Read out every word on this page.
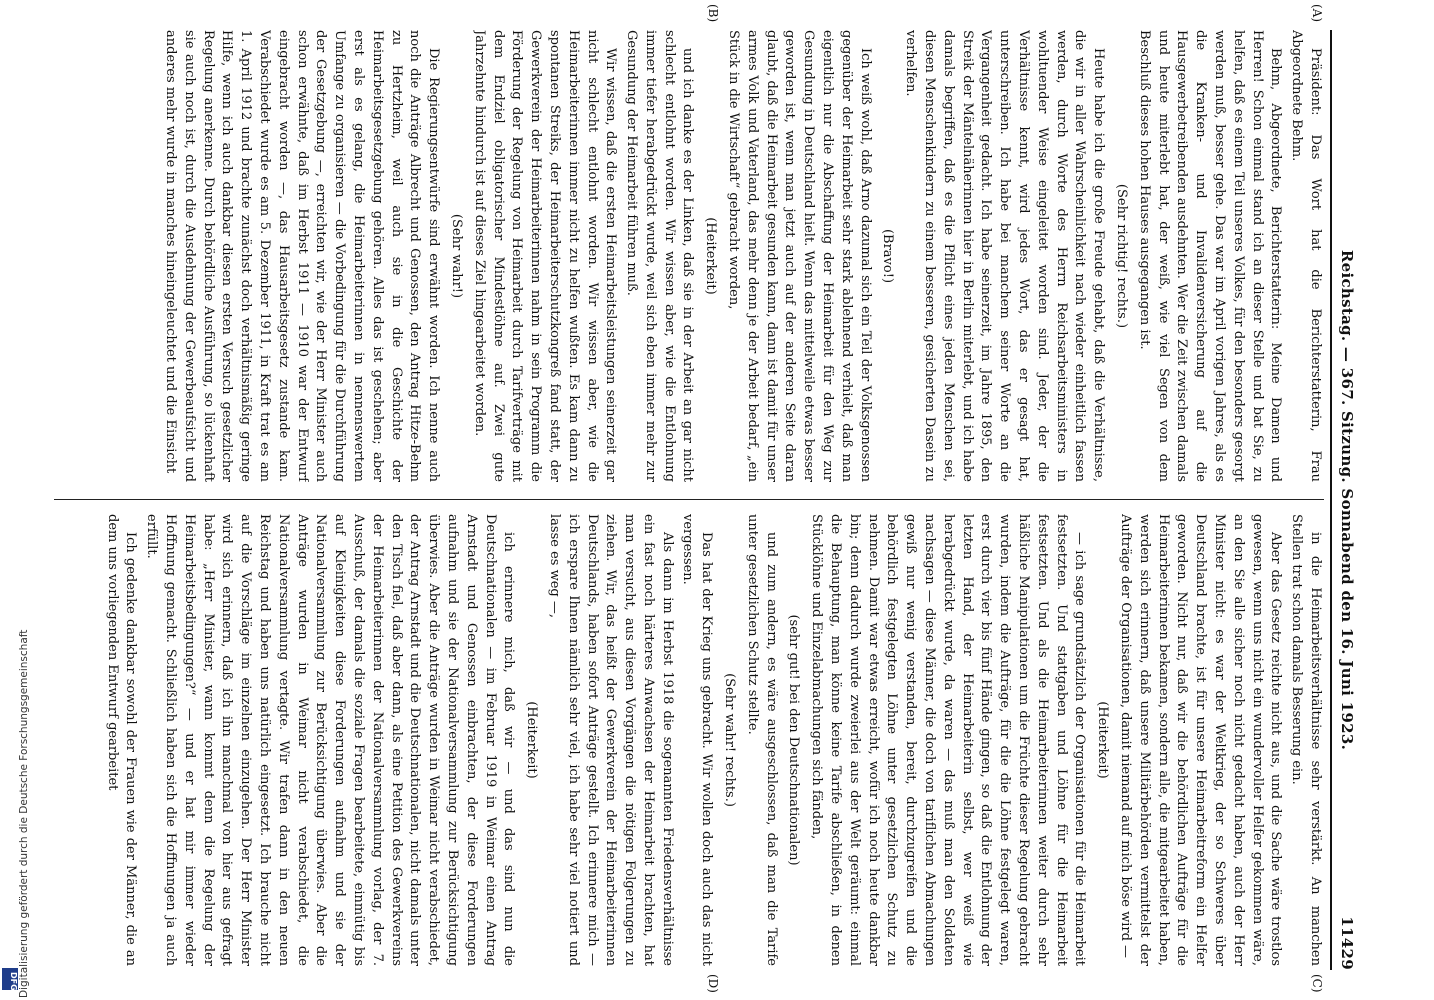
Reichstag. — 367. Sitzung. Sonnabend den 16. Juni 1923.
11429

Präsident: Das Wort hat die Berichterstatterin, Frau Abgeordnete Behm.

Behm, Abgeordnete, Berichterstatterin: Meine Damen und Herren! Schon einmal stand ich an dieser Stelle und bat Sie, zu helfen, daß es einem Teil unseres Volkes, für den besonders gesorgt werden muß, besser gehe. Das war im April vorigen Jahres, als es die Kranken- und Invalidenversicherung auf die Hausgewerbetreibenden ausdehnten. Wer die Zeit zwischen damals und heute miterlebt hat, der weiß, wie viel Segen von dem Beschluß dieses hohen Hauses ausgegangen ist.

(Sehr richtig! rechts.)

Heute habe ich die große Freude gehabt, daß die Verhältnisse, die wir in aller Wahrscheinlichkeit nach wieder einheitlich fassen werden, durch Worte des Herrn Reichsarbeitsministers in wohltuender Weise eingeleitet worden sind. Jeder, der die Verhältnisse kennt, wird jedes Wort, das er gesagt hat, unterschreiben. Ich habe bei manchem seiner Worte an die Vergangenheit gedacht. Ich habe seinerzeit, im Jahre 1895, den Streik der Mäntelnäherinnen hier in Berlin miterlebt, und ich habe damals begriffen, daß es die Pflicht eines jeden Menschen sei, diesen Menschenkindern zu einem besseren, gesicherten Dasein zu verhelfen.

(Bravo!)

Ich weiß wohl, daß Arno dazumal sich ein Teil der Volksgenossen gegenüber der Heimarbeit sehr stark ablehnend verhielt, daß man eigentlich nur die Abschaffung der Heimarbeit für den Weg zur Gesundung in Deutschland hielt. Wenn das mittelweile etwas besser geworden ist, wenn man jetzt auch auf der anderen Seite daran glaubt, daß die Heimarbeit gesunden kann, dann ist damit für unser armes Volk und Vaterland, das mehr denn je der Arbeit bedarf, „ein Stück in die Wirtschaft“ gebracht worden,

(Heiterkeit)

und ich danke es der Linken, daß sie in der Arbeit an gar nicht schlecht entlohnt worden. Wir wissen aber, wie die Entlohnung immer tiefer herabgedrückt wurde, weil sich eben immer mehr zur Gesundung der Heimarbeit führen muß.

Wir wissen, daß die ersten Heimarbeitsleistungen seinerzeit gar nicht schlecht entlohnt worden. Wir wissen aber, wie die Heimarbeiterinnen immer nicht zu helfen wußten. Es kam dann zu spontanen Streiks, der Heimarbeiterschutzkongreß fand statt, der Gewerkverein der Heimarbeiterinnen nahm in sein Programm die Förderung der Regelung von Heimarbeit durch Tarifverträge mit dem Endziel obligatorischer Mindestlöhne auf. Zwei gute Jahrzehnte hindurch ist auf dieses Ziel hingearbeitet worden.

(Sehr wahr!)

Die Regierungsentwürfe sind erwähnt worden. Ich nenne auch noch die Anträge Albrecht und Genossen, den Antrag Hitze-Behm zu Hertzheim, weil auch sie in die Geschichte der Heimarbeitsgesetzgebung gehören. Alles das ist geschehen; aber erst als es gelang, die Heimarbeiterinnen in nennenswertem Umfange zu organisieren — die Vorbedingung für die Durchführung der Gesetzgebung —, erreichten wir, wie der Herr Minister auch schon erwähnte, daß im Herbst 1911 — 1910 war der Entwurf eingebracht worden —, das Hausarbeitsgesetz zustande kam. Verabschiedet wurde es am 5. Dezember 1911, in Kraft trat es am 1. April 1912 und brachte zunächst doch verhältnismäßig geringe Hilfe, wenn ich auch dankbar diesen ersten Versuch gesetzlicher Regelung anerkenne. Durch behördliche Ausführung, so lückenhaft sie auch noch ist, durch die Ausdehnung der Gewerbeaufsicht und anderes mehr wurde in manches hineingeleuchtet und die Einsicht

in die Heimarbeitsverhältnisse sehr verstärkt. An manchen Stellen trat schon damals Besserung ein.

Aber das Gesetz reichte nicht aus, und die Sache wäre trostlos gewesen, wenn uns nicht ein wundervoller Helfer gekommen wäre, an den Sie alle sicher noch nicht gedacht haben, auch der Herr Minister nicht: es war der Weltkrieg, der so Schweres über Deutschland brachte, ist für unsere Heimarbeitreform ein Helfer geworden. Nicht nur, daß wir die behördlichen Aufträge für die Heimarbeiterinnen bekamen, sondern alle, die mitgearbeitet haben, werden sich erinnern, daß unsere Militärbehörden vermittelst der Aufträge der Organisationen, damit niemand auf mich böse wird —

(Heiterkeit)

— ich sage grundsätzlich der Organisationen für die Heimarbeit festsetzten. Und stattgaben und Löhne für die Heimarbeit festsetzten. Und als die Heimarbeiterinnen weiter durch sehr häßliche Manipulationen um die Früchte dieser Regelung gebracht wurden, indem die Aufträge, für die die Löhne festgelegt waren, erst durch vier bis fünf Hände gingen, so daß die Entlohnung der letzten Hand, der Heimarbeiterin selbst, wer weiß wie herabgedrückt wurde, da waren — das muß man den Soldaten nachsagen — diese Männer, die doch von tariflichen Abmachungen gewiß nur wenig verstanden, bereit, durchzugreifen und die behördlich festgelegten Löhne unter gesetzlichen Schutz zu nehmen. Damit war etwas erreicht, wofür ich noch heute dankbar bin; denn dadurch wurde zweierlei aus der Welt geräumt: einmal die Behauptung, man könne keine Tarife abschließen, in denen Stücklöhne und Einzelabmachungen sich fänden,

(sehr gut! bei den Deutschnationalen)

und zum andern, es wäre ausgeschlossen, daß man die Tarife unter gesetzlichen Schutz stellte.

(Sehr wahr! rechts.)

Das hat der Krieg uns gebracht. Wir wollen doch auch das nicht vergessen.

Als dann im Herbst 1918 die sogenannten Friedensverhältnisse ein fast noch härteres Anwachsen der Heimarbeit brachten, hat man versucht, aus diesen Vorgängen die nötigen Folgerungen zu ziehen. Wir, das heißt der Gewerkverein der Heimarbeiterinnen Deutschlands, haben sofort Anträge gestellt. Ich erinnere mich — ich erspare Ihnen nämlich sehr viel, ich habe sehr viel notiert und lasse es weg —,

(Heiterkeit)

ich erinnere mich, daß wir — und das sind nun die Deutschnationalen — im Februar 1919 in Weimar einen Antrag Arnstadt und Genossen einbrachten, der diese Forderungen aufnahm und sie der Nationalversammlung zur Berücksichtigung überwies. Aber die Anträge wurden in Weimar nicht verabschiedet, der Antrag Arnstadt und die Deutschnationalen, nicht damals unter den Tisch fiel, daß aber dann, als eine Petition des Gewerkvereins der Heimarbeiterinnen der Nationalversammlung vorlag, der 7. Ausschuß, der damals die soziale Fragen bearbeitete, einmütig bis auf Kleinigkeiten diese Forderungen aufnahm und sie der Nationalversammlung zur Berücksichtigung überwies. Aber die Anträge wurden in Weimar nicht verabschiedet, die Nationalversammlung vertagte. Wir trafen dann in den neuen Reichstag und haben uns natürlich eingesetzt. Ich brauche nicht auf die Vorschläge im einzelnen einzugehen. Der Herr Minister wird sich erinnern, daß ich ihn manchmal von hier aus gefragt habe: „Herr Minister, wann kommt denn die Regelung der Heimarbeitsbedingungen?“ — und er hat mir immer wieder Hoffnung gemacht. Schließlich haben sich die Hoffnungen ja auch erfüllt.

Ich gedenke dankbar sowohl der Frauen wie der Männer, die an dem uns vorliegenden Entwurf gearbeitet

(A)
(B)
(C)
(D)
Digitalisierung gefördert durch die Deutsche Forschungsgemeinschaft
DFG
